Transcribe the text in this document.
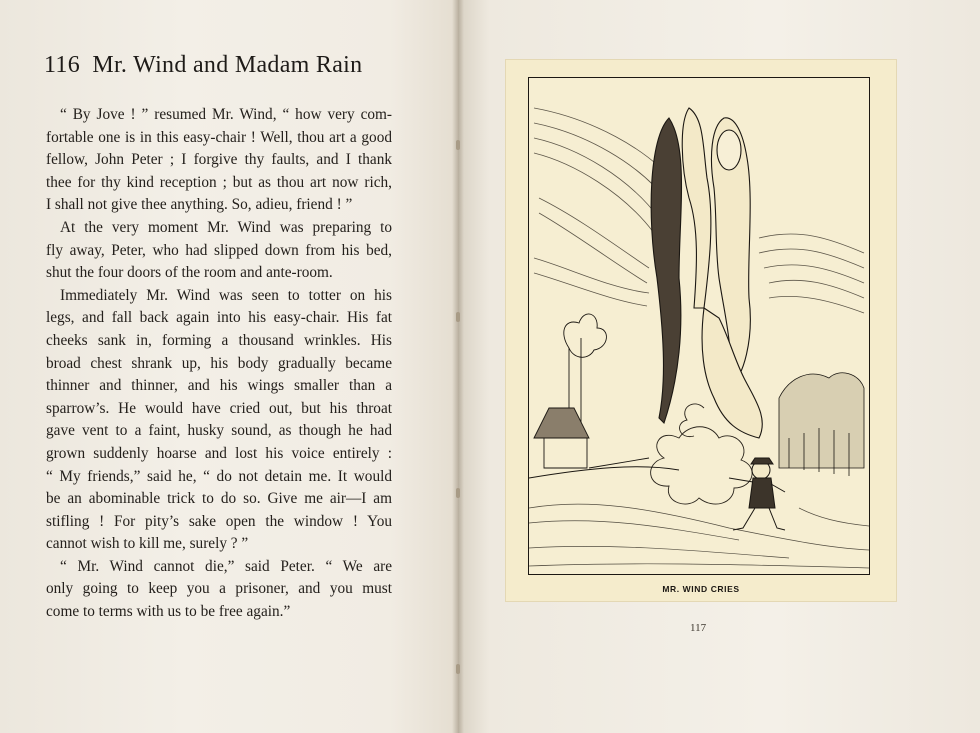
116 Mr. Wind and Madam Rain
“ By Jove ! ” resumed Mr. Wind, “ how very com-
fortable one is in this easy-chair ! Well, thou art a good
fellow, John Peter ; I forgive thy faults, and I thank
thee for thy kind reception ; but as thou art now rich,
I shall not give thee anything. So, adieu, friend ! ”
At the very moment Mr. Wind was preparing to
fly away, Peter, who had slipped down from his bed,
shut the four doors of the room and ante-room.
Immediately Mr. Wind was seen to totter on his
legs, and fall back again into his easy-chair. His fat
cheeks sank in, forming a thousand wrinkles. His
broad chest shrank up, his body gradually became
thinner and thinner, and his wings smaller than a
sparrow’s. He would have cried out, but his throat
gave vent to a faint, husky sound, as though he had
grown suddenly hoarse and lost his voice entirely :
“ My friends,” said he, “ do not detain me. It would
be an abominable trick to do so. Give me air—I am
stifling ! For pity’s sake open the window ! You
cannot wish to kill me, surely ? ”
“ Mr. Wind cannot die,” said Peter. “ We are
only going to keep you a prisoner, and you must
come to terms with us to be free again.”
MR. WIND CRIES
117
